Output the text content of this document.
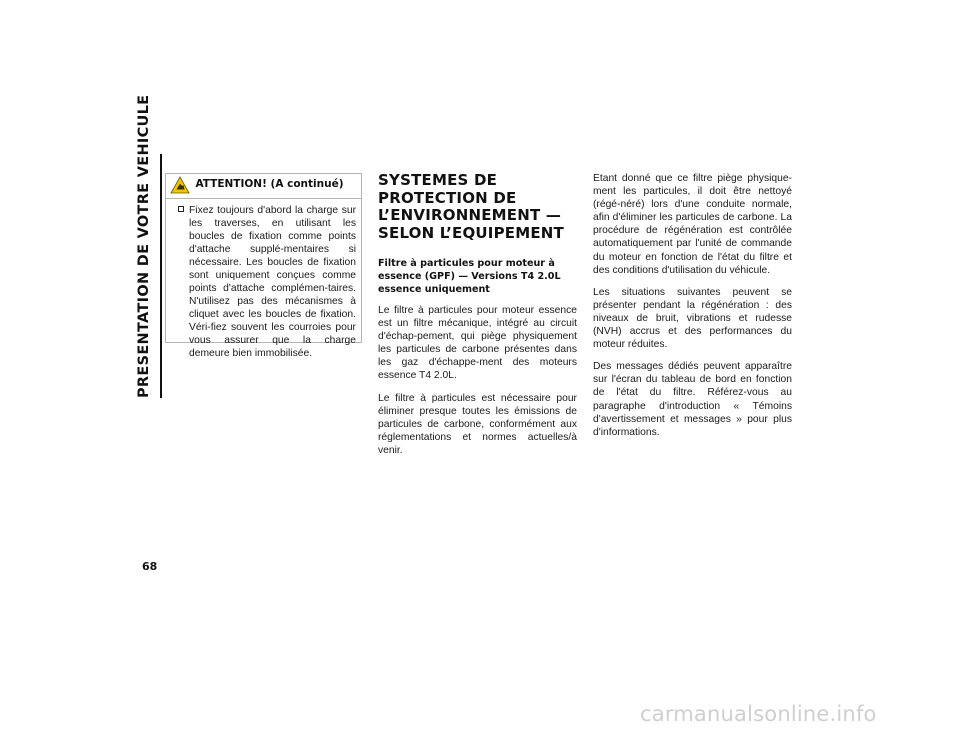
PRESENTATION DE VOTRE VEHICULE
68
ATTENTION! (A continué)
Fixez toujours d'abord la charge sur les traverses, en utilisant les boucles de fixation comme points d'attache supplé-mentaires si nécessaire. Les boucles de fixation sont uniquement conçues comme points d'attache complémen-taires. N'utilisez pas des mécanismes à cliquet avec les boucles de fixation. Véri-fiez souvent les courroies pour vous assurer que la charge demeure bien immobilisée.
SYSTEMES DE PROTECTION DE L’ENVIRONNEMENT — SELON L’EQUIPEMENT
Filtre à particules pour moteur à essence (GPF) — Versions T4 2.0L essence uniquement

Le filtre à particules pour moteur essence est un filtre mécanique, intégré au circuit d'échap-pement, qui piège physiquement les particules de carbone présentes dans les gaz d'échappe-ment des moteurs essence T4 2.0L.

Le filtre à particules est nécessaire pour éliminer presque toutes les émissions de particules de carbone, conformément aux réglementations et normes actuelles/à venir.

Etant donné que ce filtre piège physique-ment les particules, il doit être nettoyé (régé-néré) lors d'une conduite normale, afin d'éliminer les particules de carbone. La procédure de régénération est contrôlée automatiquement par l'unité de commande du moteur en fonction de l'état du filtre et des conditions d'utilisation du véhicule.

Les situations suivantes peuvent se présenter pendant la régénération : des niveaux de bruit, vibrations et rudesse (NVH) accrus et des performances du moteur réduites.

Des messages dédiés peuvent apparaître sur l'écran du tableau de bord en fonction de l'état du filtre. Référez-vous au paragraphe d'introduction « Témoins d'avertissement et messages » pour plus d'informations.

carmanualsonline.info
